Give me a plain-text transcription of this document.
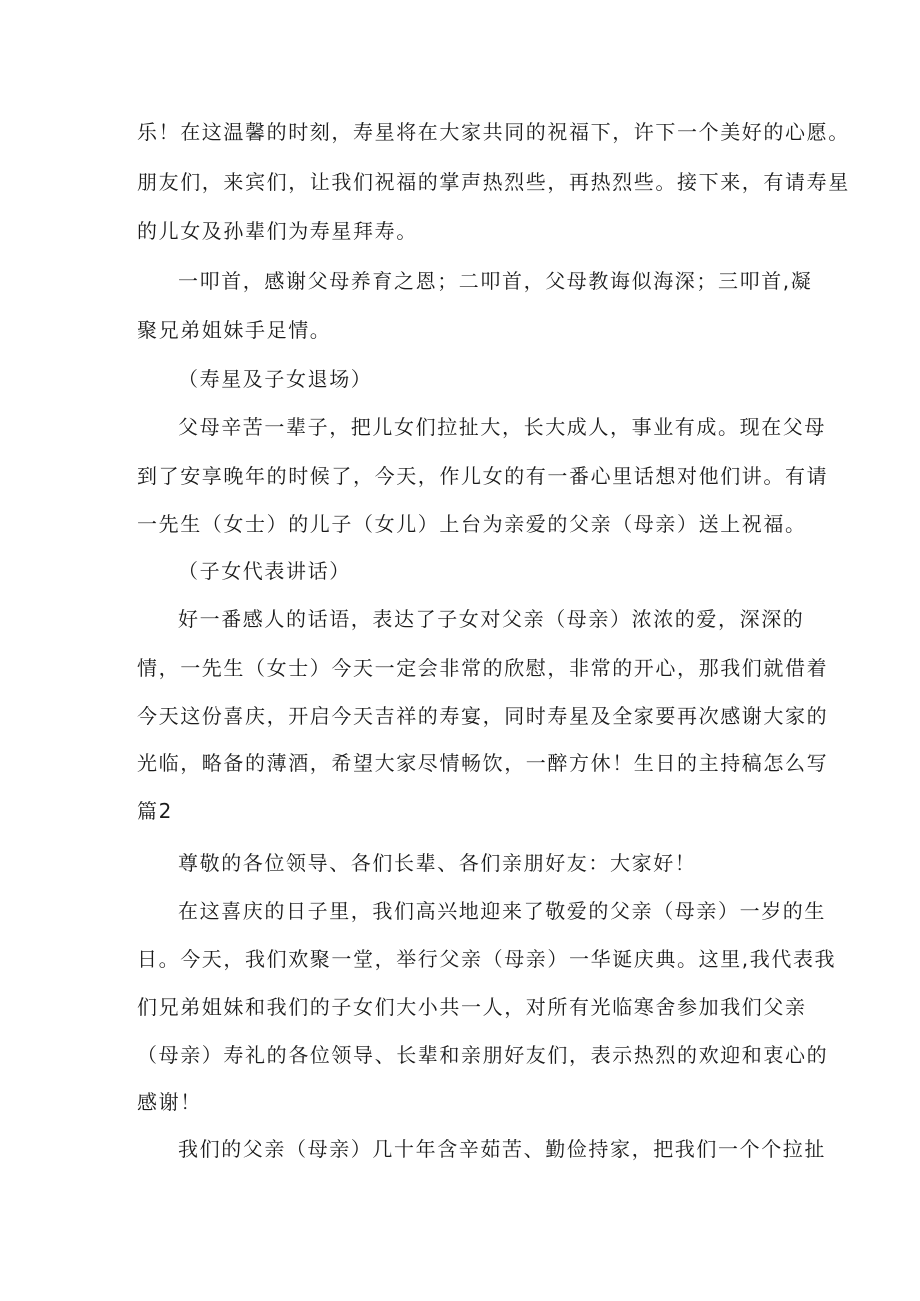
乐！在这温馨的时刻，寿星将在大家共同的祝福下，许下一个美好的心愿。
朋友们，来宾们，让我们祝福的掌声热烈些，再热烈些。接下来，有请寿星
的儿女及孙辈们为寿星拜寿。
一叩首，感谢父母养育之恩；二叩首，父母教诲似海深；三叩首,凝
聚兄弟姐妹手足情。
（寿星及子女退场）
父母辛苦一辈子，把儿女们拉扯大，长大成人，事业有成。现在父母
到了安享晚年的时候了，今天，作儿女的有一番心里话想对他们讲。有请
一先生（女士）的儿子（女儿）上台为亲爱的父亲（母亲）送上祝福。
（子女代表讲话）
好一番感人的话语，表达了子女对父亲（母亲）浓浓的爱，深深的
情，一先生（女士）今天一定会非常的欣慰，非常的开心，那我们就借着
今天这份喜庆，开启今天吉祥的寿宴，同时寿星及全家要再次感谢大家的
光临，略备的薄酒，希望大家尽情畅饮，一醉方休！生日的主持稿怎么写
篇2
尊敬的各位领导、各们长辈、各们亲朋好友：大家好！
在这喜庆的日子里，我们高兴地迎来了敬爱的父亲（母亲）一岁的生
日。今天，我们欢聚一堂，举行父亲（母亲）一华诞庆典。这里,我代表我
们兄弟姐妹和我们的子女们大小共一人，对所有光临寒舍参加我们父亲
（母亲）寿礼的各位领导、长辈和亲朋好友们，表示热烈的欢迎和衷心的
感谢！
我们的父亲（母亲）几十年含辛茹苦、勤俭持家，把我们一个个拉扯
